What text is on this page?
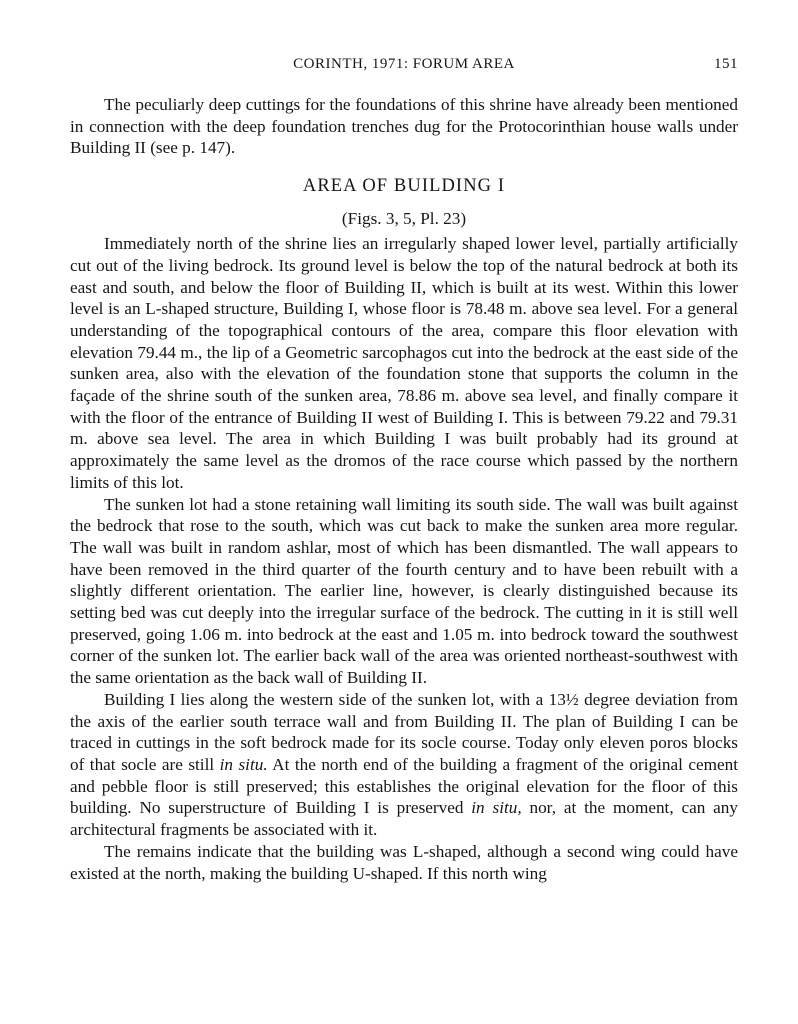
CORINTH, 1971: FORUM AREA	151

The peculiarly deep cuttings for the foundations of this shrine have already been mentioned in connection with the deep foundation trenches dug for the Protocorinthian house walls under Building II (see p. 147).

AREA OF BUILDING I
(Figs. 3, 5, Pl. 23)

Immediately north of the shrine lies an irregularly shaped lower level, partially artificially cut out of the living bedrock. Its ground level is below the top of the natural bedrock at both its east and south, and below the floor of Building II, which is built at its west. Within this lower level is an L-shaped structure, Building I, whose floor is 78.48 m. above sea level. For a general understanding of the topographical contours of the area, compare this floor elevation with elevation 79.44 m., the lip of a Geometric sarcophagos cut into the bedrock at the east side of the sunken area, also with the elevation of the foundation stone that supports the column in the façade of the shrine south of the sunken area, 78.86 m. above sea level, and finally compare it with the floor of the entrance of Building II west of Building I. This is between 79.22 and 79.31 m. above sea level. The area in which Building I was built probably had its ground at approximately the same level as the dromos of the race course which passed by the northern limits of this lot.

The sunken lot had a stone retaining wall limiting its south side. The wall was built against the bedrock that rose to the south, which was cut back to make the sunken area more regular. The wall was built in random ashlar, most of which has been dismantled. The wall appears to have been removed in the third quarter of the fourth century and to have been rebuilt with a slightly different orientation. The earlier line, however, is clearly distinguished because its setting bed was cut deeply into the irregular surface of the bedrock. The cutting in it is still well preserved, going 1.06 m. into bedrock at the east and 1.05 m. into bedrock toward the southwest corner of the sunken lot. The earlier back wall of the area was oriented northeast-southwest with the same orientation as the back wall of Building II.

Building I lies along the western side of the sunken lot, with a 13½ degree deviation from the axis of the earlier south terrace wall and from Building II. The plan of Building I can be traced in cuttings in the soft bedrock made for its socle course. Today only eleven poros blocks of that socle are still in situ. At the north end of the building a fragment of the original cement and pebble floor is still preserved; this establishes the original elevation for the floor of this building. No superstructure of Building I is preserved in situ, nor, at the moment, can any architectural fragments be associated with it.

The remains indicate that the building was L-shaped, although a second wing could have existed at the north, making the building U-shaped. If this north wing
